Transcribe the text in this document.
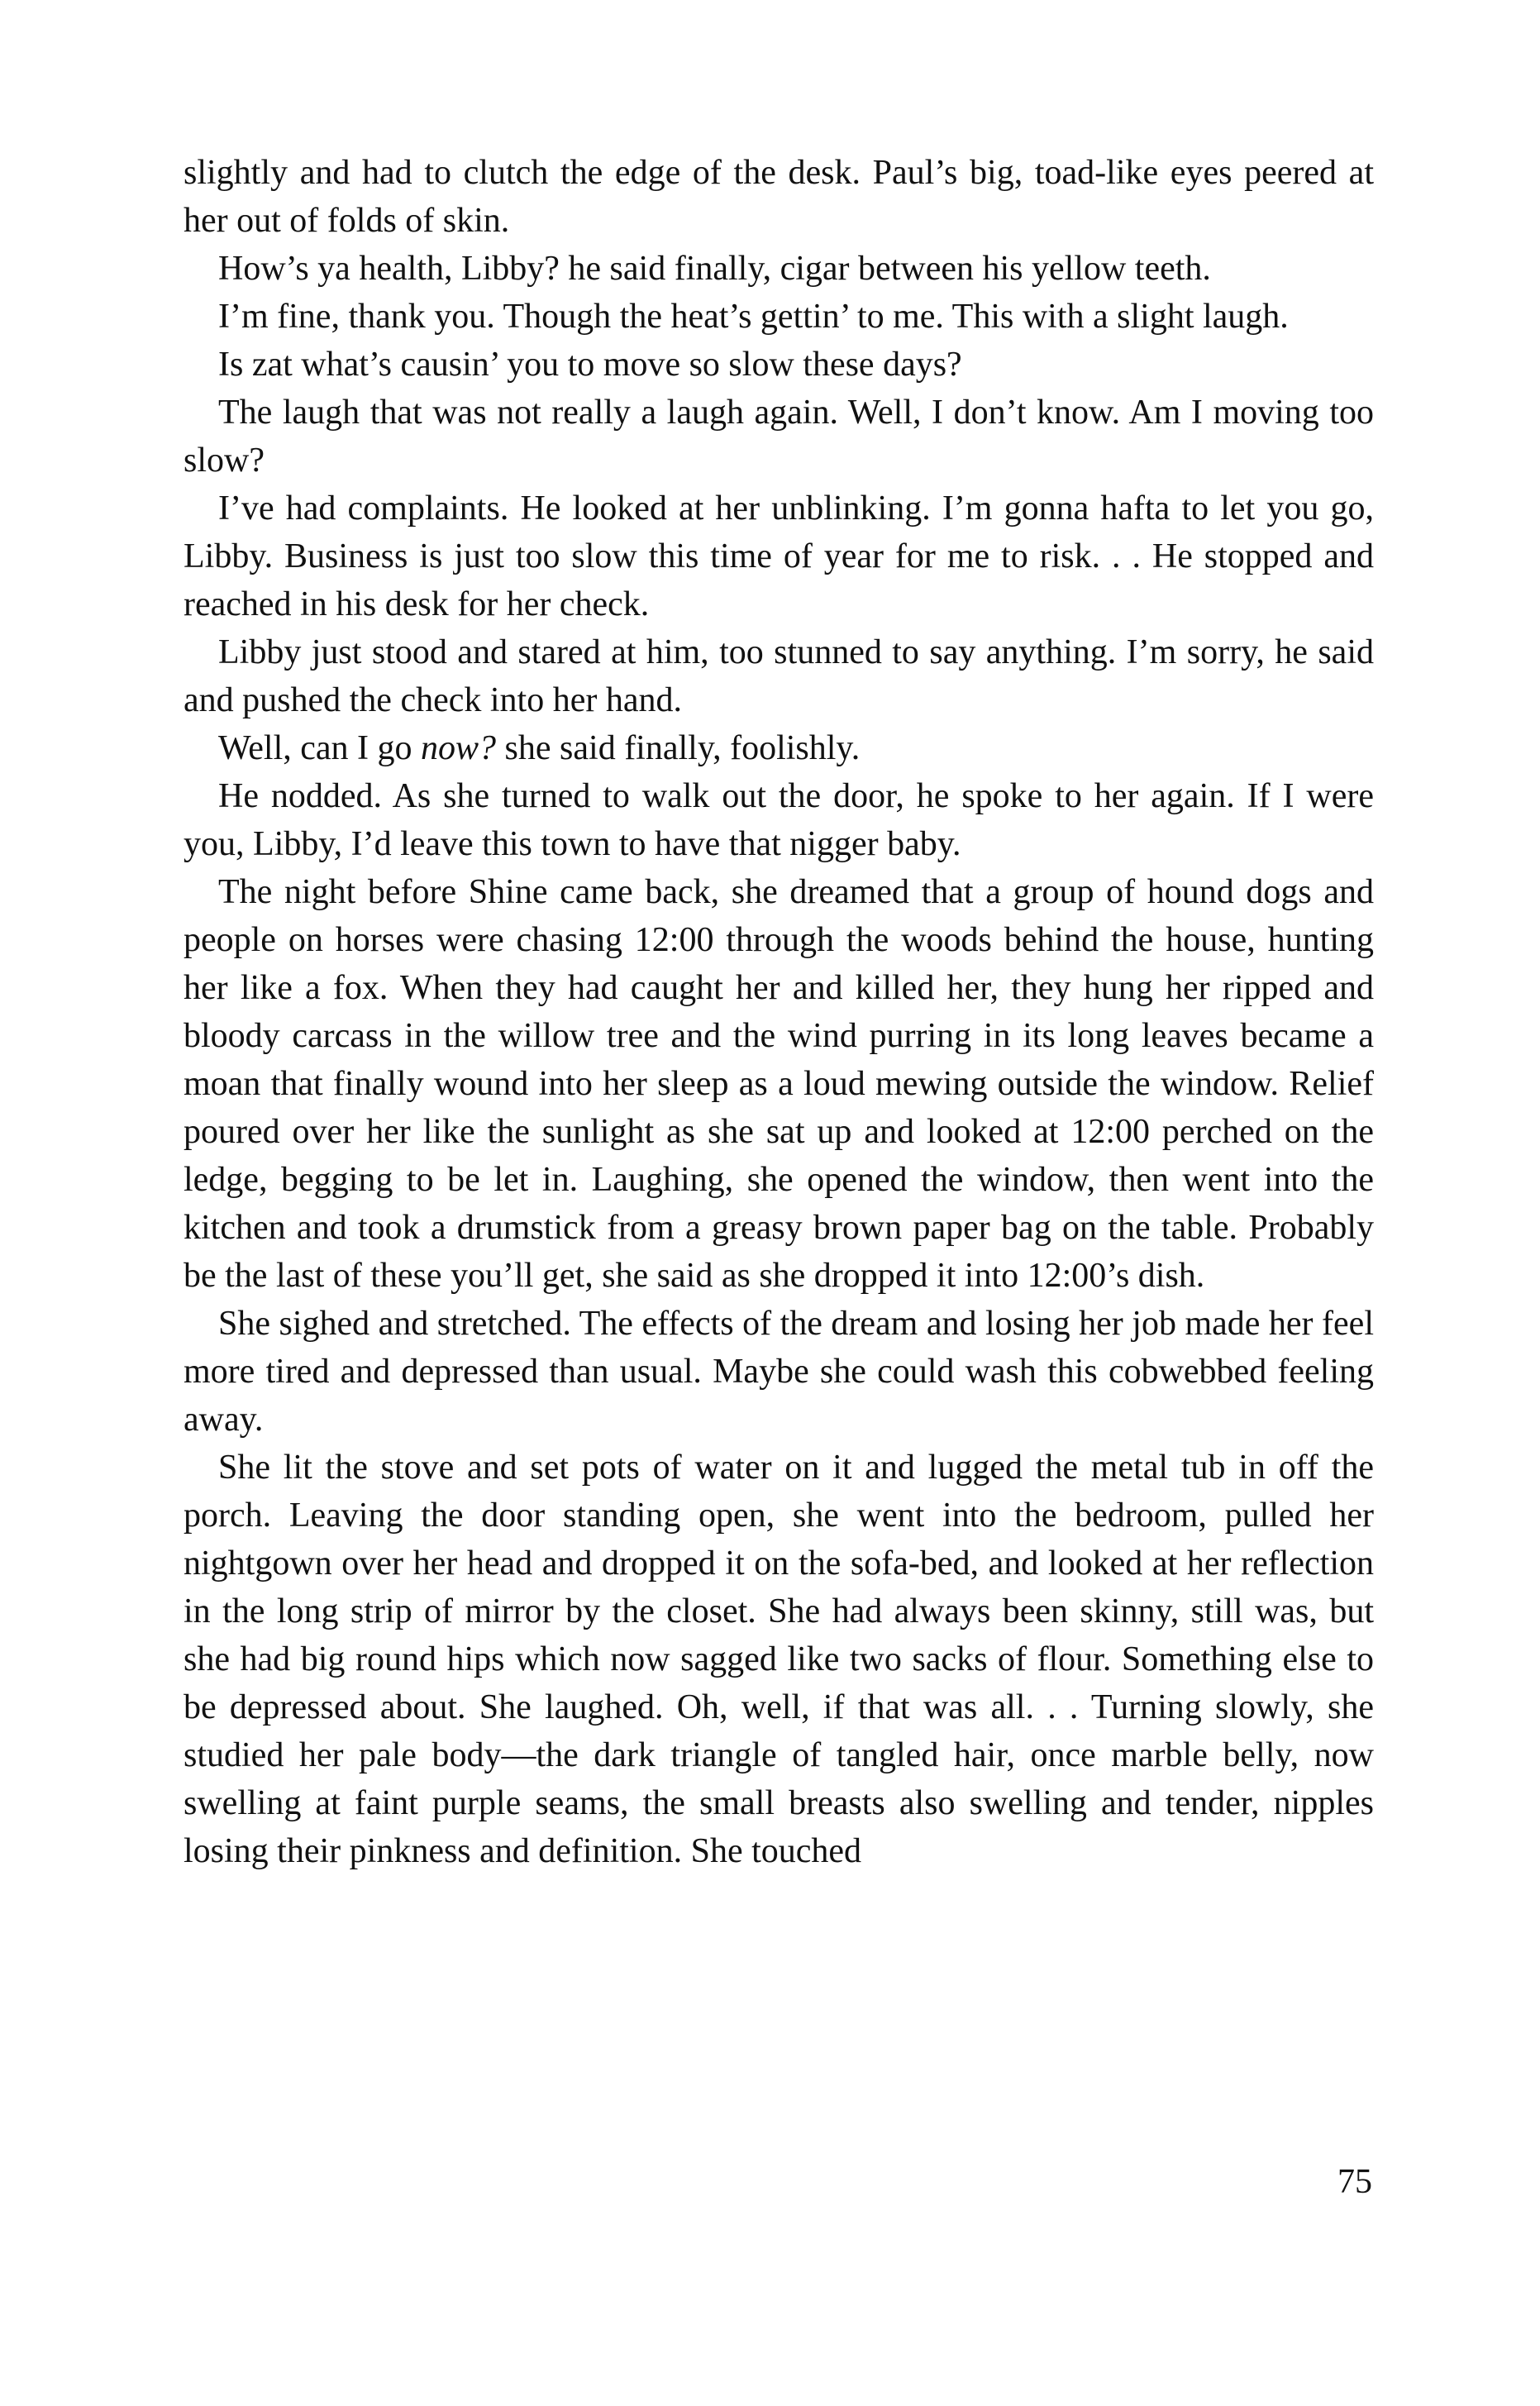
slightly and had to clutch the edge of the desk. Paul’s big, toad-like eyes peered at her out of folds of skin.

How’s ya health, Libby? he said finally, cigar between his yellow teeth.

I’m fine, thank you. Though the heat’s gettin’ to me. This with a slight laugh.

Is zat what’s causin’ you to move so slow these days?

The laugh that was not really a laugh again. Well, I don’t know. Am I moving too slow?

I’ve had complaints. He looked at her unblinking. I’m gonna hafta to let you go, Libby. Business is just too slow this time of year for me to risk. . . He stopped and reached in his desk for her check.

Libby just stood and stared at him, too stunned to say anything. I’m sorry, he said and pushed the check into her hand.

Well, can I go now? she said finally, foolishly.

He nodded. As she turned to walk out the door, he spoke to her again. If I were you, Libby, I’d leave this town to have that nigger baby.

The night before Shine came back, she dreamed that a group of hound dogs and people on horses were chasing 12:00 through the woods behind the house, hunting her like a fox. When they had caught her and killed her, they hung her ripped and bloody carcass in the willow tree and the wind purring in its long leaves became a moan that finally wound into her sleep as a loud mewing outside the window. Relief poured over her like the sunlight as she sat up and looked at 12:00 perched on the ledge, begging to be let in. Laughing, she opened the window, then went into the kitchen and took a drumstick from a greasy brown paper bag on the table. Probably be the last of these you’ll get, she said as she dropped it into 12:00’s dish.

She sighed and stretched. The effects of the dream and losing her job made her feel more tired and depressed than usual. Maybe she could wash this cobwebbed feeling away.

She lit the stove and set pots of water on it and lugged the metal tub in off the porch. Leaving the door standing open, she went into the bedroom, pulled her nightgown over her head and dropped it on the sofa-bed, and looked at her reflection in the long strip of mirror by the closet. She had always been skinny, still was, but she had big round hips which now sagged like two sacks of flour. Something else to be depressed about. She laughed. Oh, well, if that was all. . . Turning slowly, she studied her pale body—the dark triangle of tangled hair, once marble belly, now swelling at faint purple seams, the small breasts also swelling and tender, nipples losing their pinkness and definition. She touched

75
